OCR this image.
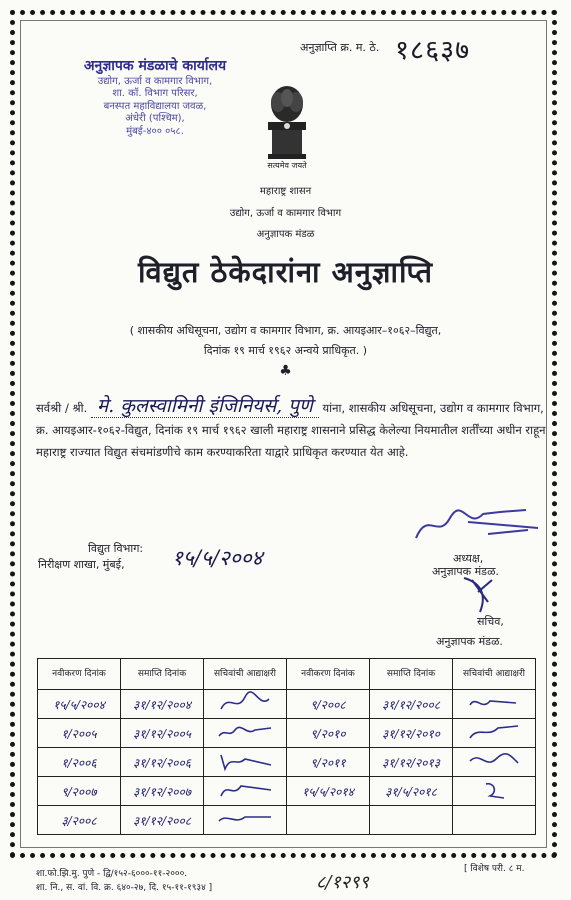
अनुज्ञाप्ति क्र. म. ठे. १८६३७
अनुज्ञापक मंडळाचे कार्यालय
उद्योग, ऊर्जा व कामगार विभाग,
शा. कॉ. विभाग परिसर,
बनस्पत महाविद्यालया जवळ,
अंधेरी (पश्चिम),
मुंबई-४०० ०५८.
सत्यमेव जयते
महाराष्ट्र शासन
उद्योग, ऊर्जा व कामगार विभाग
अनुज्ञापक मंडळ
विद्युत ठेकेदारांना अनुज्ञाप्ति
( शासकीय अधिसूचना, उद्योग व कामगार विभाग, क्र. आयइआर–१०६२–विद्युत,
दिनांक १९ मार्च १९६२ अन्वये प्राधिकृत. )
♣
सर्वश्री / श्री. मे. कुलस्वामिनी इंजिनियर्स, पुणे यांना, शासकीय अधिसूचना, उद्योग व कामगार विभाग, क्र. आयइआर-१०६२-विद्युत, दिनांक १९ मार्च १९६२ खाली महाराष्ट्र शासनाने प्रसिद्ध केलेल्या नियमातील शर्तींच्या अधीन राहून महाराष्ट्र राज्यात विद्युत संचमांडणीचे काम करण्याकरिता याद्वारे प्राधिकृत करण्यात येत आहे.
विद्युत विभाग:
निरीक्षण शाखा, मुंबई, १५/५/२००४	अध्यक्ष,
अनुज्ञापक मंडळ.
सचिव,
अनुज्ञापक मंडळ.
नवीकरण दिनांक	समाप्ति दिनांक	सचिवांची आद्याक्षरी	नवीकरण दिनांक	समाप्ति दिनांक	सचिवांची आद्याक्षरी
१५/५/२००४	३१/१२/२००४		९/२००८	३१/१२/२००८	
१/२००५	३१/१२/२००५		९/२०१०	३१/१२/२०१०	
१/२००६	३१/१२/२००६		९/२०११	३१/१२/२०१३	
९/२००७	३१/१२/२००७		१५/५/२०१४	३१/५/२०१८	
३/२००८	३१/१२/२००८				
शा.फो.झि.मु. पुणे - द्वि/१५२-६०००-११-२०००.
शा. नि., स. वां. वि. क्र. ६४०-२७, दि. १५-११-१९३४ ]	८/१२९९
[ विशेष परी. ८ म.
